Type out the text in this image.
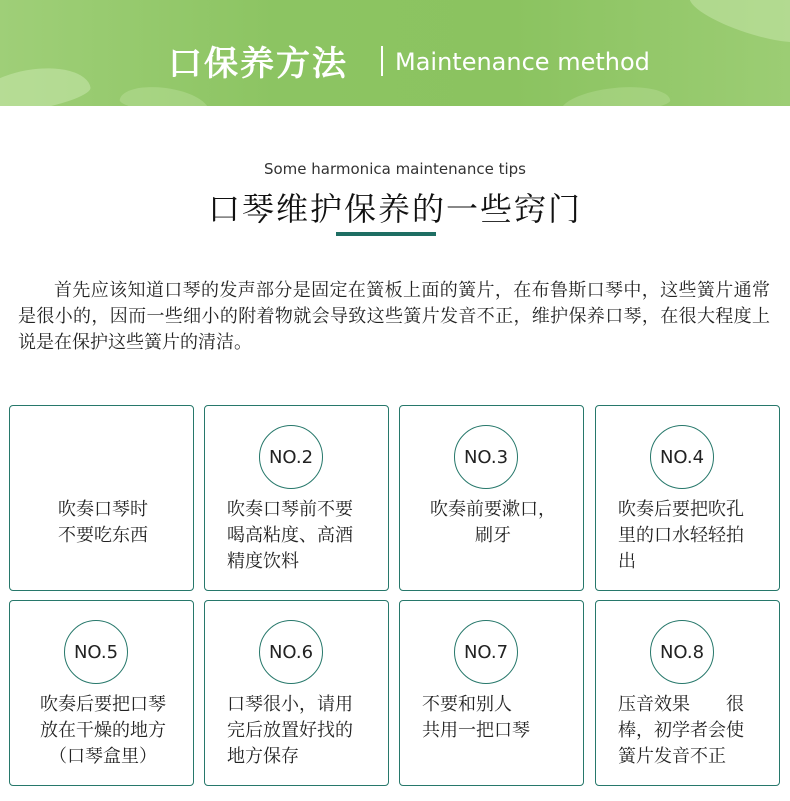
口保养方法 Maintenance method
Some harmonica maintenance tips
口琴维护保养的一些窍门

首先应该知道口琴的发声部分是固定在簧板上面的簧片，在布鲁斯口琴中，这些簧片通常是很小的，因而一些细小的附着物就会导致这些簧片发音不正，维护保养口琴，在很大程度上说是在保护这些簧片的清洁。

吹奏口琴时
不要吃东西

NO.2

吹奏口琴前不要
喝高粘度、高酒
精度饮料

NO.3

吹奏前要漱口，
刷牙

NO.4

吹奏后要把吹孔
里的口水轻轻拍
出

NO.5

吹奏后要把口琴
放在干燥的地方
（口琴盒里）

NO.6

口琴很小，请用
完后放置好找的
地方保存

NO.7

不要和别人
共用一把口琴

NO.8

压音效果　　很
棒，初学者会使
簧片发音不正
